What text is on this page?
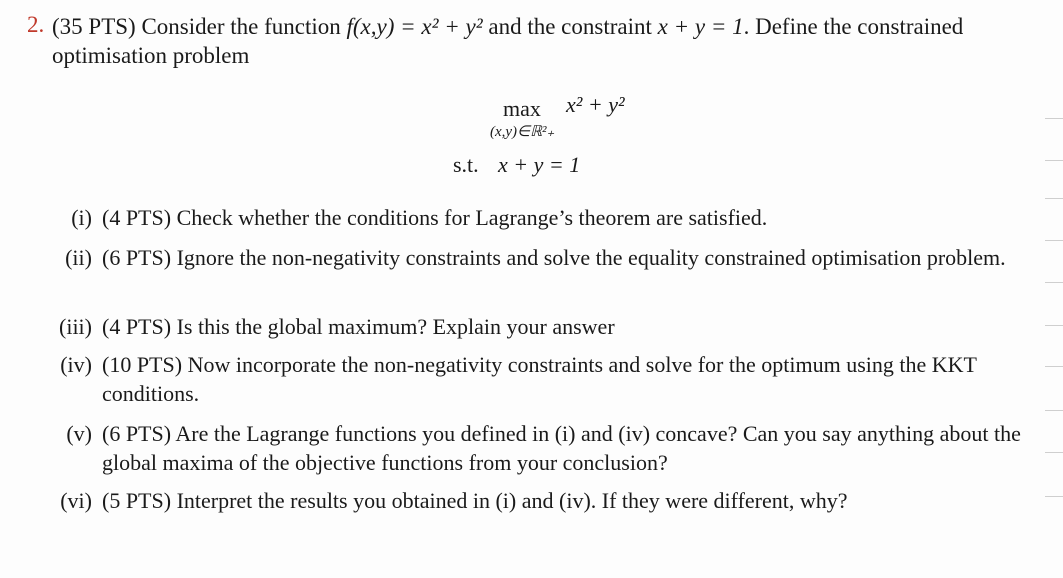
2. (35 PTS) Consider the function f(x,y) = x² + y² and the constraint x + y = 1. Define the constrained
optimisation problem
max
(x,y)∈ℝ²₊
x² + y²
s.t. x + y = 1
(i) (4 PTS) Check whether the conditions for Lagrange’s theorem are satisfied.
(ii) (6 PTS) Ignore the non-negativity constraints and solve the equality constrained optimisation problem.
(iii) (4 PTS) Is this the global maximum? Explain your answer
(iv) (10 PTS) Now incorporate the non-negativity constraints and solve for the optimum using the KKT conditions.
(v) (6 PTS) Are the Lagrange functions you defined in (i) and (iv) concave? Can you say anything about the global maxima of the objective functions from your conclusion?
(vi) (5 PTS) Interpret the results you obtained in (i) and (iv). If they were different, why?
